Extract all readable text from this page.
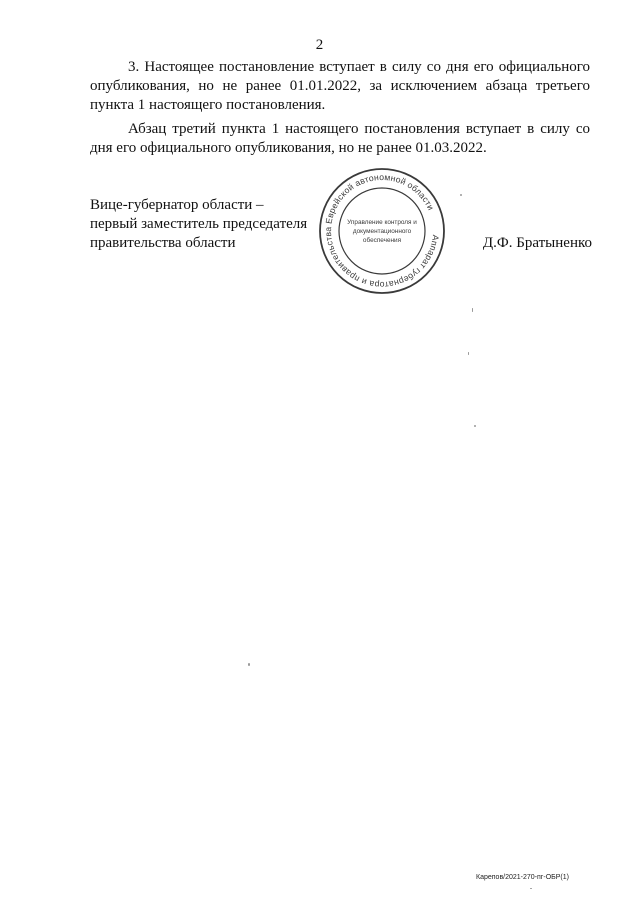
2

3. Настоящее постановление вступает в силу со дня его официального опубликования, но не ранее 01.01.2022, за исключением абзаца третьего пункта 1 настоящего постановления.

Абзац третий пункта 1 настоящего постановления вступает в силу со дня его официального опубликования, но не ранее 01.03.2022.

Вице-губернатор области –
первый заместитель председателя
правительства области	Аппарат губернатора и правительства Еврейской автономной области
Управление контроля и
документационного
обеспечения	Д.Ф. Братыненко
Карепов/2021-270-пг-ОБР(1)
